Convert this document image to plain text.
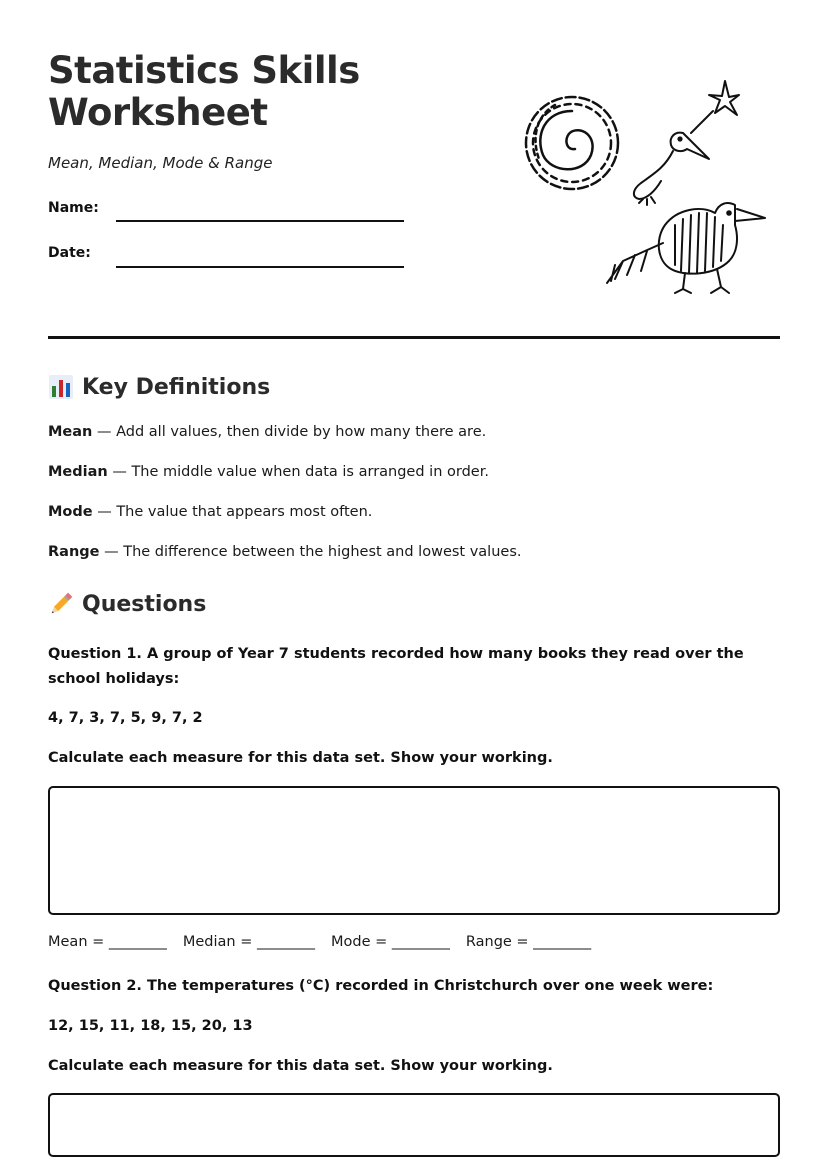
Statistics Skills
Worksheet

Mean, Median, Mode & Range

Name:
Date:
Key Definitions

Mean — Add all values, then divide by how many there are.

Median — The middle value when data is arranged in order.

Mode — The value that appears most often.

Range — The difference between the highest and lowest values.

Questions

Question 1. A group of Year 7 students recorded how many books they read over the school holidays:

4, 7, 3, 7, 5, 9, 7, 2

Calculate each measure for this data set. Show your working.

Mean = ________ Median = ________ Mode = ________ Range = ________

Question 2. The temperatures (°C) recorded in Christchurch over one week were:

12, 15, 11, 18, 15, 20, 13

Calculate each measure for this data set. Show your working.
